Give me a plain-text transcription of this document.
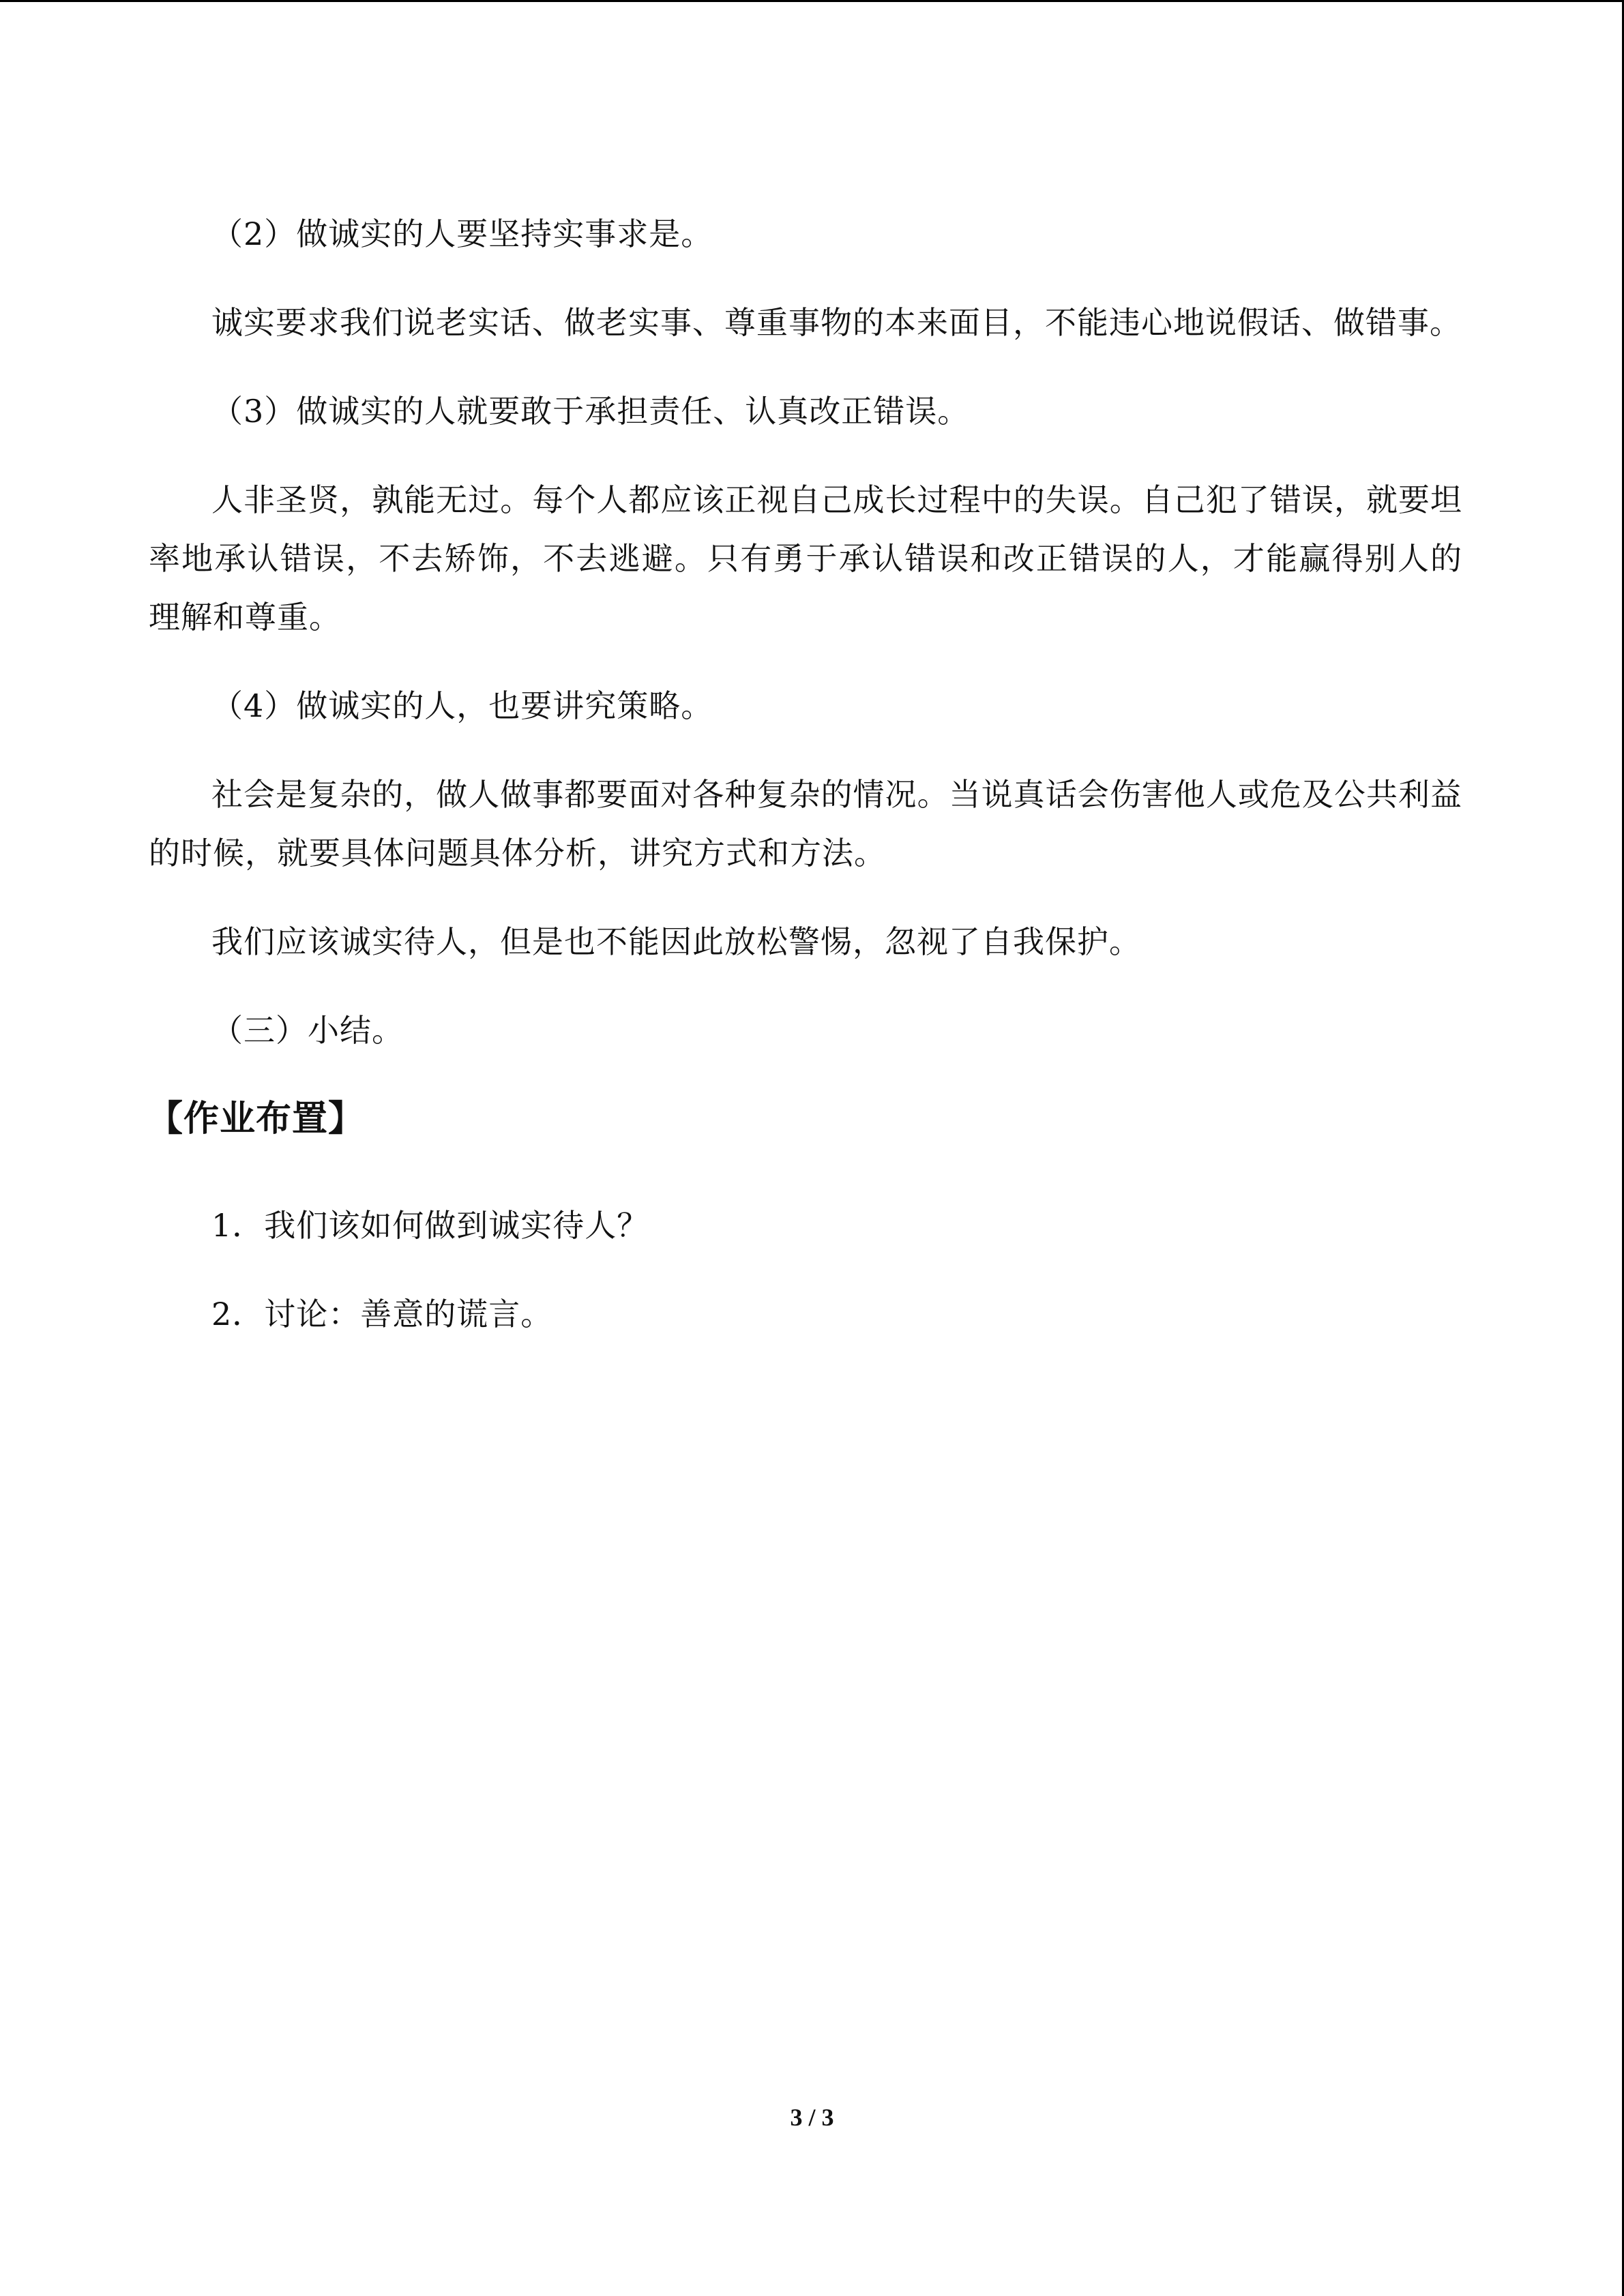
（2）做诚实的人要坚持实事求是。

诚实要求我们说老实话、做老实事、尊重事物的本来面目，不能违心地说假话、做错事。

（3）做诚实的人就要敢于承担责任、认真改正错误。

人非圣贤，孰能无过。每个人都应该正视自己成长过程中的失误。自己犯了错误，就要坦率地承认错误，不去矫饰，不去逃避。只有勇于承认错误和改正错误的人，才能赢得别人的理解和尊重。

（4）做诚实的人，也要讲究策略。

社会是复杂的，做人做事都要面对各种复杂的情况。当说真话会伤害他人或危及公共利益的时候，就要具体问题具体分析，讲究方式和方法。

我们应该诚实待人，但是也不能因此放松警惕，忽视了自我保护。

（三）小结。

【作业布置】

1．我们该如何做到诚实待人？

2．讨论：善意的谎言。

3 / 3
